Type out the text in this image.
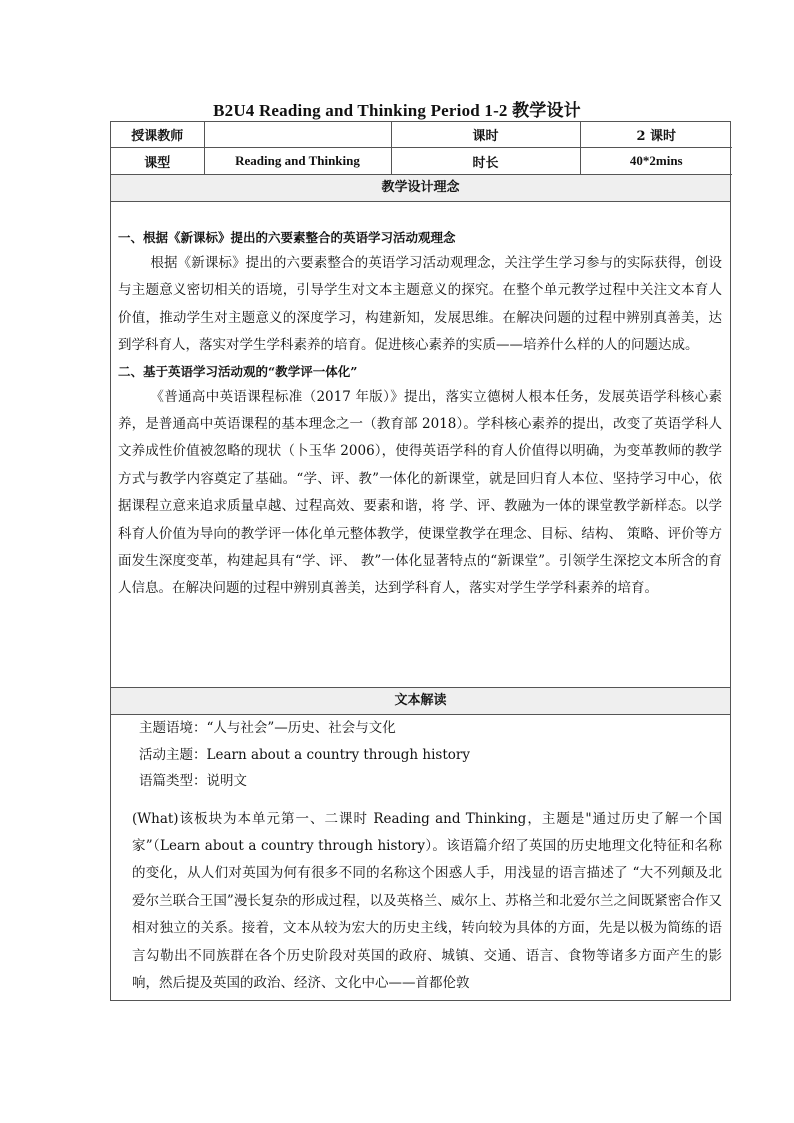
B2U4 Reading and Thinking Period 1-2 教学设计
授课教师		课时	2 课时
课型	Reading and Thinking	时长	40*2mins
教学设计理念

一、根据《新课标》提出的六要素整合的英语学习活动观理念

根据《新课标》提出的六要素整合的英语学习活动观理念，关注学生学习参与的实际获得，创设与主题意义密切相关的语境，引导学生对文本主题意义的探究。在整个单元教学过程中关注文本育人价值，推动学生对主题意义的深度学习，构建新知，发展思维。在解决问题的过程中辨别真善美，达到学科育人，落实对学生学科素养的培育。促进核心素养的实质——培养什么样的人的问题达成。

二、基于英语学习活动观的“教学评一体化”

《普通高中英语课程标准（2017 年版）》提出，落实立德树人根本任务，发展英语学科核心素养，是普通高中英语课程的基本理念之一（教育部 2018）。学科核心素养的提出，改变了英语学科人文养成性价值被忽略的现状（卜玉华 2006），使得英语学科的育人价值得以明确，为变革教师的教学方式与教学内容奠定了基础。“学、评、教”一体化的新课堂，就是回归育人本位、坚持学习中心，依据课程立意来追求质量卓越、过程高效、要素和谐，将 学、评、教融为一体的课堂教学新样态。以学科育人价值为导向的教学评一体化单元整体教学，使课堂教学在理念、目标、结构、 策略、评价等方面发生深度变革，构建起具有“学、评、 教”一体化显著特点的“新课堂”。引领学生深挖文本所含的育人信息。在解决问题的过程中辨别真善美，达到学科育人，落实对学生学学科素养的培育。

文本解读

主题语境：“人与社会”—历史、社会与文化

活动主题：Learn about a country through history

语篇类型：说明文

(What)该板块为本单元第一、二课时 Reading and Thinking，主题是"通过历史了解一个国家”（Learn about a country through history）。该语篇介绍了英国的历史地理文化特征和名称的变化，从人们对英国为何有很多不同的名称这个困惑人手，用浅显的语言描述了 “大不列颠及北爱尔兰联合王国”漫长复杂的形成过程，以及英格兰、威尔上、苏格兰和北爱尔兰之间既紧密合作又相对独立的关系。接着，文本从较为宏大的历史主线，转向较为具体的方面，先是以极为简练的语言勾勒出不同族群在各个历史阶段对英国的政府、城镇、交通、语言、食物等诸多方面产生的影响，然后提及英国的政治、经济、文化中心——首都伦敦
